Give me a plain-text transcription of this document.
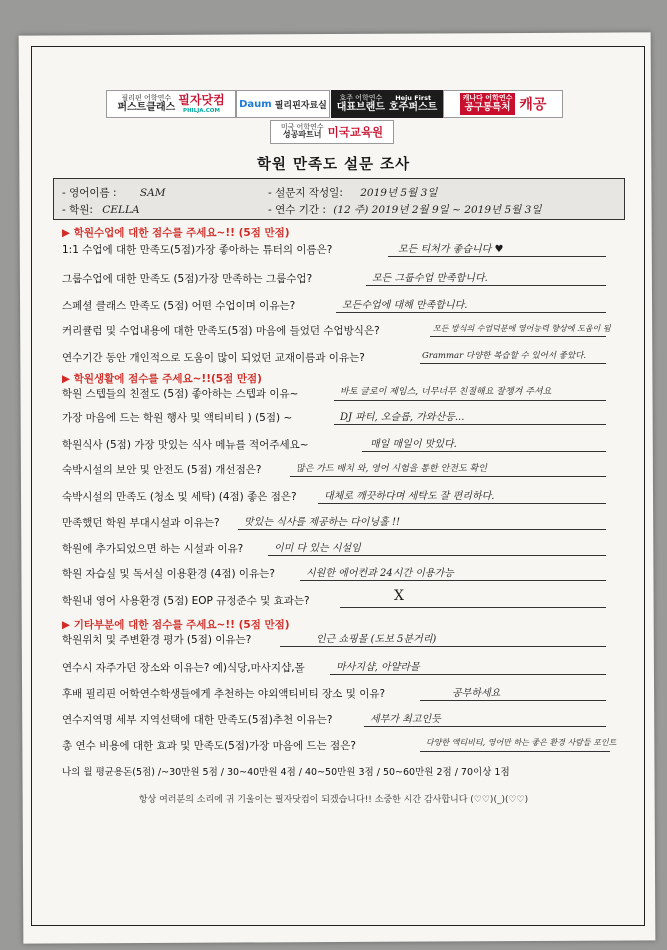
필리핀 어학연수
퍼스트클래스
필자닷컴
PHILJA.COM
Daum 필리핀자료실
호주 어학연수
대표브랜드
Heju First
호주퍼스트
캐나다 어학연수
공구통특처 캐공
미국 어학연수
성공파트너 미국교육원
학원 만족도 설문 조사
- 영어이름 : SAM
- 학원: CELLA
- 설문지 작성일: 2019년 5월 3일
- 연수 기간 : (12 주) 2019년 2월 9일 ~ 2019년 5월 3일
▶ 학원수업에 대한 점수를 주세요~!! (5점 만점)
1:1 수업에 대한 만족도(5점)가장 좋아하는 튜터의 이름은?	모든 티처가 좋습니다 ♥
그룹수업에 대한 만족도 (5점)가장 만족하는 그룹수업?	모든 그룹수업 만족합니다.
스페셜 클래스 만족도 (5점) 어떤 수업이며 이유는?	모든수업에 대해 만족합니다.
커리큘럼 및 수업내용에 대한 만족도(5점) 마음에 들었던 수업방식은?	모든 방식의 수업덕분에 영어능력 향상에 도움이 됨
연수기간 동안 개인적으로 도움이 많이 되었던 교재이름과 이유는?	Grammar 다양한 복습할 수 있어서 좋았다.
▶ 학원생활에 점수를 주세요~!!(5점 만점)
학원 스텝들의 친절도 (5점) 좋아하는 스텝과 이유~	바토 글로이 제임스, 너무너무 친절해요 잘챙겨 주셔요
가장 마음에 드는 학원 행사 및 액티비티 ) (5점) ~	DJ 파티, 오슬롭, 가와산등...
학원식사 (5점) 가장 맛있는 식사 메뉴를 적어주세요~	매일 매일이 맛있다.
숙박시설의 보안 및 안전도 (5점) 개선점은?	많은 가드 배치 와, 영어 시험을 통한 안전도 확인
숙박시설의 만족도 (청소 및 세탁) (4점) 좋은 점은?	대체로 깨끗하다며 세탁도 잘 편리하다.
만족했던 학원 부대시설과 이유는? 맛있는 식사를 제공하는 다이닝홀 !!
학원에 추가되었으면 하는 시설과 이유?	이미 다 있는 시설임
학원 자습실 및 독서실 이용환경 (4점) 이유는?	시원한 에어컨과 24시간 이용가능
학원내 영어 사용환경 (5점) EOP 규정준수 및 효과는?	X
▶ 기타부분에 대한 점수를 주세요~!! (5점 만점)
학원위치 및 주변환경 평가 (5점) 이유는?	인근 쇼핑몰 (도보 5분거리)
연수시 자주가던 장소와 이유는? 예)식당,마사지샵,몰	마사지샵, 아얄라몰
후배 필리핀 어학연수학생들에게 추천하는 야외액티비티 장소 및 이유?	공부하세요
연수지역명 세부 지역선택에 대한 만족도(5점)추천 이유는?	세부가 최고인듯
총 연수 비용에 대한 효과 및 만족도(5점)가장 마음에 드는 점은?	다양한 액티비티, 영어만 하는 좋은 환경 사람들 포인트
나의 월 평균용돈(5점) /~30만원 5점 / 30~40만원 4점 / 40~50만원 3점 / 50~60만원 2점 / 70이상 1점
항상 여러분의 소리에 귀 기울이는 필자닷컴이 되겠습니다!! 소중한 시간 감사합니다 (♡♡)(_)(♡♡)
